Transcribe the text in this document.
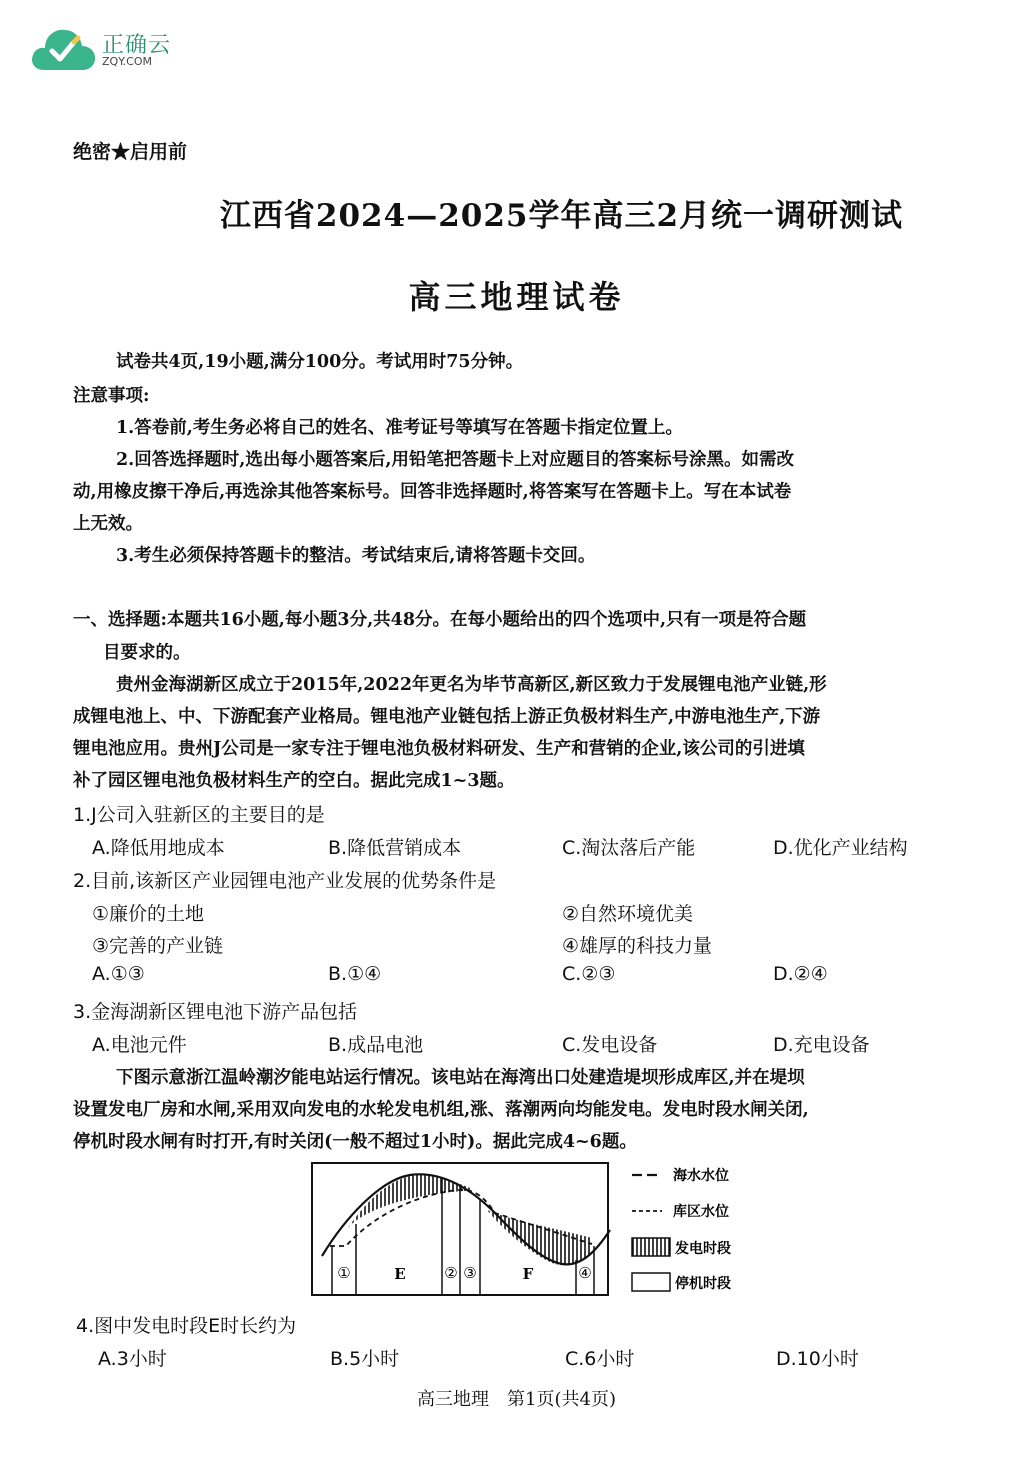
正确云
ZQY.COM
绝密★启用前
江西省2024—2025学年高三2月统一调研测试
高三地理试卷
试卷共4页,19小题,满分100分。考试用时75分钟。
注意事项:
1.答卷前,考生务必将自己的姓名、准考证号等填写在答题卡指定位置上。
2.回答选择题时,选出每小题答案后,用铅笔把答题卡上对应题目的答案标号涂黑。如需改
动,用橡皮擦干净后,再选涂其他答案标号。回答非选择题时,将答案写在答题卡上。写在本试卷
上无效。
3.考生必须保持答题卡的整洁。考试结束后,请将答题卡交回。
一、选择题:本题共16小题,每小题3分,共48分。在每小题给出的四个选项中,只有一项是符合题
目要求的。
贵州金海湖新区成立于2015年,2022年更名为毕节高新区,新区致力于发展锂电池产业链,形
成锂电池上、中、下游配套产业格局。锂电池产业链包括上游正负极材料生产,中游电池生产,下游
锂电池应用。贵州J公司是一家专注于锂电池负极材料研发、生产和营销的企业,该公司的引进填
补了园区锂电池负极材料生产的空白。据此完成1~3题。
1.J公司入驻新区的主要目的是
A.降低用地成本	B.降低营销成本	C.淘汰落后产能	D.优化产业结构
2.目前,该新区产业园锂电池产业发展的优势条件是
①廉价的土地	②自然环境优美
③完善的产业链	④雄厚的科技力量
A.①③	B.①④	C.②③	D.②④
3.金海湖新区锂电池下游产品包括
A.电池元件	B.成品电池	C.发电设备	D.充电设备
下图示意浙江温岭潮汐能电站运行情况。该电站在海湾出口处建造堤坝形成库区,并在堤坝
设置发电厂房和水闸,采用双向发电的水轮发电机组,涨、落潮两向均能发电。发电时段水闸关闭,
停机时段水闸有时打开,有时关闭(一般不超过1小时)。据此完成4~6题。
①	E	② ③	F	④
海水水位
库区水位
发电时段
停机时段
4.图中发电时段E时长约为
A.3小时	B.5小时	C.6小时	D.10小时
高三地理　第1页(共4页)
